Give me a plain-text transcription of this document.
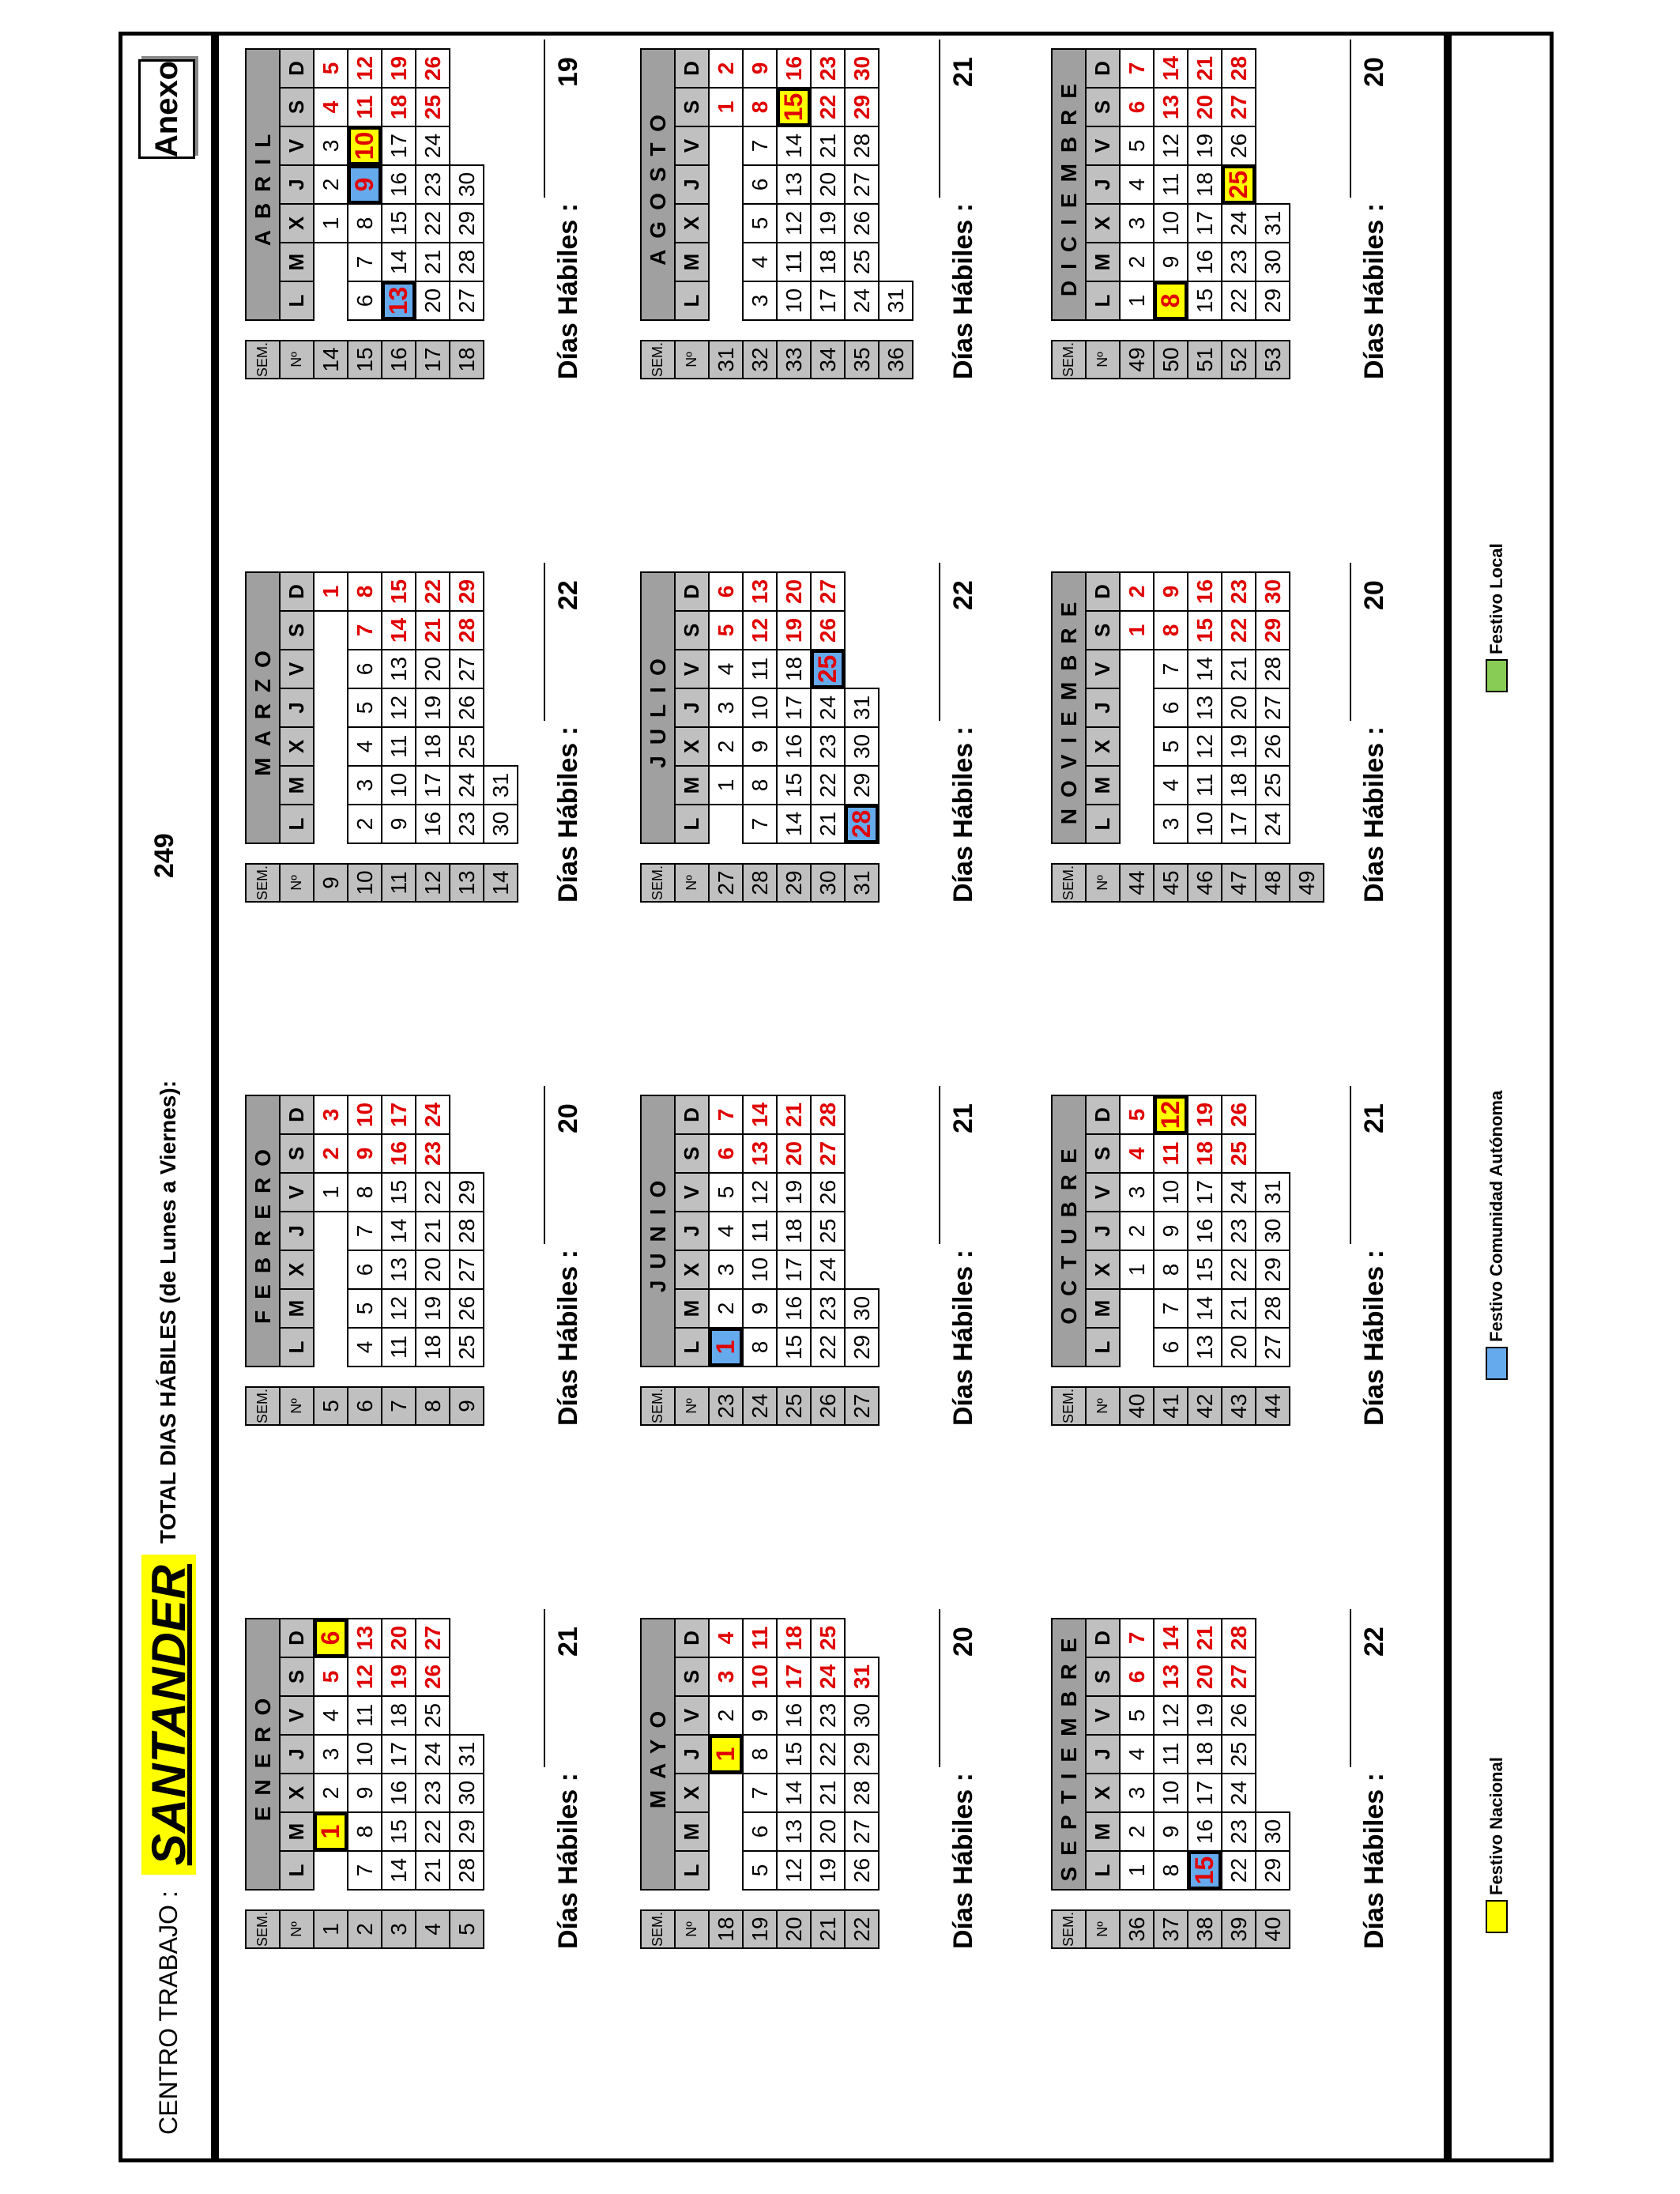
CENTRO TRABAJO :
SANTANDER
TOTAL DIAS HÁBILES (de Lunes a Viernes):
249
Anexo
Días Hábiles :
21
SEM.		ENERO						
Nº		L	M	X	J	V	S	D
1			1	2	3	4	5	6
2		7	8	9	10	11	12	13
3		14	15	16	17	18	19	20
4		21	22	23	24	25	26	27
5		28	29	30	31			
Días Hábiles :
20
SEM.		FEBRERO						
Nº		L	M	X	J	V	S	D
5						1	2	3
6		4	5	6	7	8	9	10
7		11	12	13	14	15	16	17
8		18	19	20	21	22	23	24
9		25	26	27	28	29		
Días Hábiles :
22
SEM.		MARZO						
Nº		L	M	X	J	V	S	D
9								1
10		2	3	4	5	6	7	8
11		9	10	11	12	13	14	15
12		16	17	18	19	20	21	22
13		23	24	25	26	27	28	29
14		30	31					
Días Hábiles :
19
SEM.		ABRIL						
Nº		L	M	X	J	V	S	D
14				1	2	3	4	5
15		6	7	8	9	10	11	12
16		13	14	15	16	17	18	19
17		20	21	22	23	24	25	26
18		27	28	29	30			
Días Hábiles :
20
SEM.		MAYO						
Nº		L	M	X	J	V	S	D
18					1	2	3	4
19		5	6	7	8	9	10	11
20		12	13	14	15	16	17	18
21		19	20	21	22	23	24	25
22		26	27	28	29	30	31	
Días Hábiles :
21
SEM.		JUNIO						
Nº		L	M	X	J	V	S	D
23		1	2	3	4	5	6	7
24		8	9	10	11	12	13	14
25		15	16	17	18	19	20	21
26		22	23	24	25	26	27	28
27		29	30					
Días Hábiles :
22
SEM.		JULIO						
Nº		L	M	X	J	V	S	D
27			1	2	3	4	5	6
28		7	8	9	10	11	12	13
29		14	15	16	17	18	19	20
30		21	22	23	24	25	26	27
31		28	29	30	31			
Días Hábiles :
21
SEM.		AGOSTO						
Nº		L	M	X	J	V	S	D
31							1	2
32		3	4	5	6	7	8	9
33		10	11	12	13	14	15	16
34		17	18	19	20	21	22	23
35		24	25	26	27	28	29	30
36		31						
Días Hábiles :
22
SEM.		SEPTIEMBRE						
Nº		L	M	X	J	V	S	D
36		1	2	3	4	5	6	7
37		8	9	10	11	12	13	14
38		15	16	17	18	19	20	21
39		22	23	24	25	26	27	28
40		29	30					
Días Hábiles :
21
SEM.		OCTUBRE						
Nº		L	M	X	J	V	S	D
40				1	2	3	4	5
41		6	7	8	9	10	11	12
42		13	14	15	16	17	18	19
43		20	21	22	23	24	25	26
44		27	28	29	30	31		
Días Hábiles :
20
SEM.		NOVIEMBRE						
Nº		L	M	X	J	V	S	D
44							1	2
45		3	4	5	6	7	8	9
46		10	11	12	13	14	15	16
47		17	18	19	20	21	22	23
48		24	25	26	27	28	29	30
49								
Días Hábiles :
20
SEM.		DICIEMBRE						
Nº		L	M	X	J	V	S	D
49		1	2	3	4	5	6	7
50		8	9	10	11	12	13	14
51		15	16	17	18	19	20	21
52		22	23	24	25	26	27	28
53		29	30	31				
Festivo Nacional
Festivo Comunidad Autónoma
Festivo Local
